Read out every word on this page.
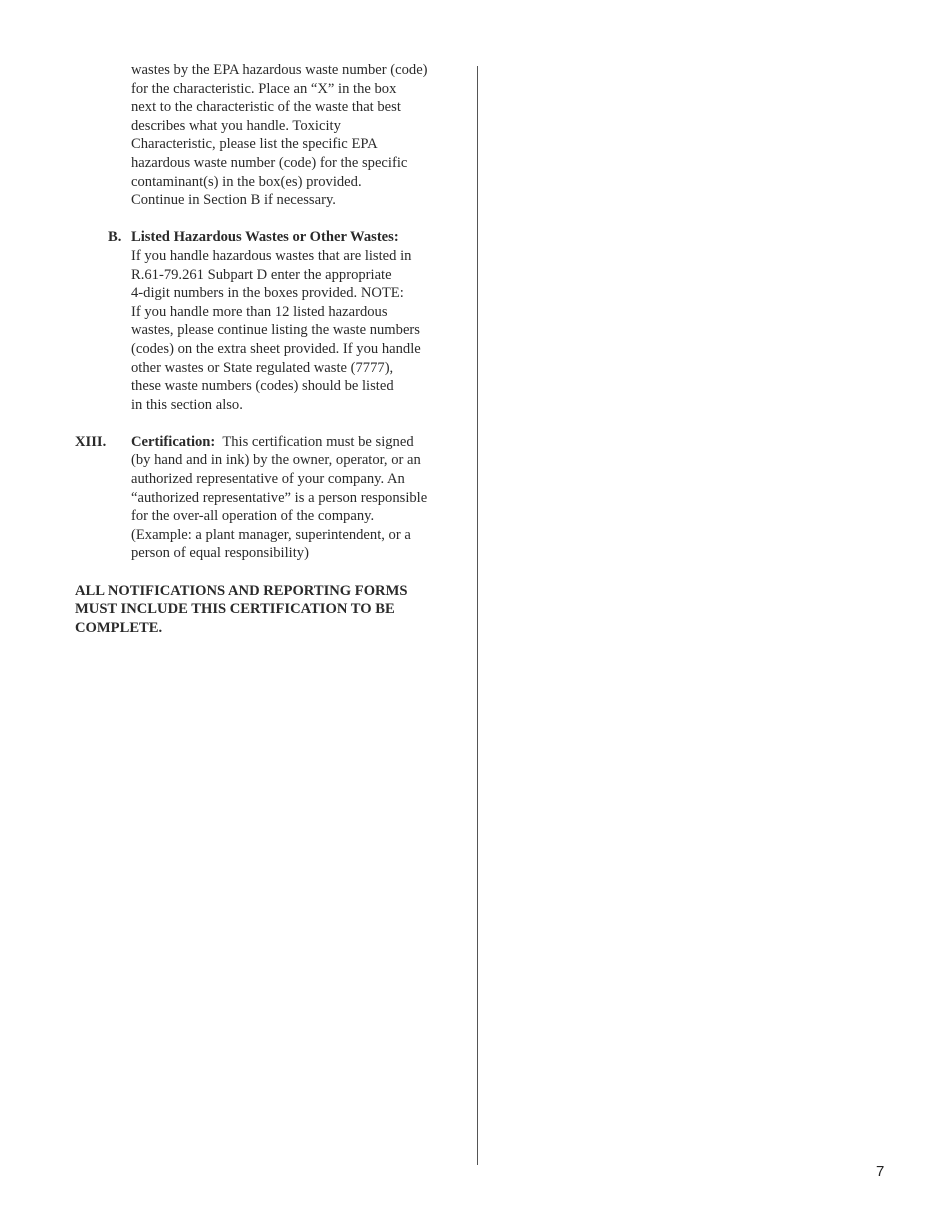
wastes by the EPA hazardous waste number (code)
for the characteristic. Place an “X” in the box
next to the characteristic of the waste that best
describes what you handle. Toxicity
Characteristic, please list the specific EPA
hazardous waste number (code) for the specific
contaminant(s) in the box(es) provided.
Continue in Section B if necessary.
B. Listed Hazardous Wastes or Other Wastes:
If you handle hazardous wastes that are listed in
R.61-79.261 Subpart D enter the appropriate
4-digit numbers in the boxes provided. NOTE:
If you handle more than 12 listed hazardous
wastes, please continue listing the waste numbers
(codes) on the extra sheet provided. If you handle
other wastes or State regulated waste (7777),
these waste numbers (codes) should be listed
in this section also.
XIII. Certification:  This certification must be signed
(by hand and in ink) by the owner, operator, or an
authorized representative of your company. An
“authorized representative” is a person responsible
for the over-all operation of the company.
(Example: a plant manager, superintendent, or a
person of equal responsibility)
ALL NOTIFICATIONS AND REPORTING FORMS
MUST INCLUDE THIS CERTIFICATION TO BE
COMPLETE.
7
